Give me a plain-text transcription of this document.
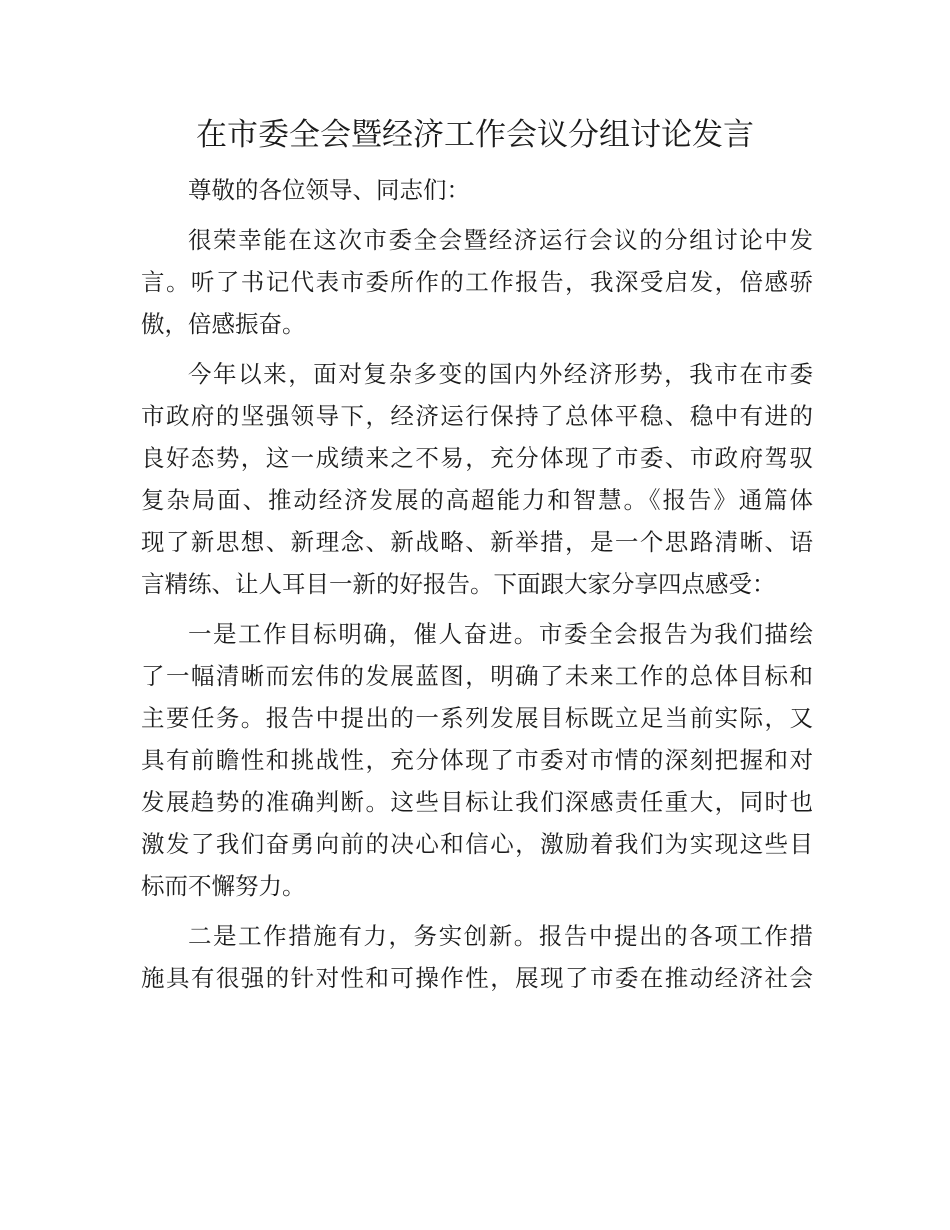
在市委全会暨经济工作会议分组讨论发言
尊敬的各位领导、同志们：
很荣幸能在这次市委全会暨经济运行会议的分组讨论中发
言。听了书记代表市委所作的工作报告，我深受启发，倍感骄
傲，倍感振奋。
今年以来，面对复杂多变的国内外经济形势，我市在市委
市政府的坚强领导下，经济运行保持了总体平稳、稳中有进的
良好态势，这一成绩来之不易，充分体现了市委、市政府驾驭
复杂局面、推动经济发展的高超能力和智慧。《报告》通篇体
现了新思想、新理念、新战略、新举措，是一个思路清晰、语
言精练、让人耳目一新的好报告。下面跟大家分享四点感受：
一是工作目标明确，催人奋进。市委全会报告为我们描绘
了一幅清晰而宏伟的发展蓝图，明确了未来工作的总体目标和
主要任务。报告中提出的一系列发展目标既立足当前实际，又
具有前瞻性和挑战性，充分体现了市委对市情的深刻把握和对
发展趋势的准确判断。这些目标让我们深感责任重大，同时也
激发了我们奋勇向前的决心和信心，激励着我们为实现这些目
标而不懈努力。
二是工作措施有力，务实创新。报告中提出的各项工作措
施具有很强的针对性和可操作性，展现了市委在推动经济社会
